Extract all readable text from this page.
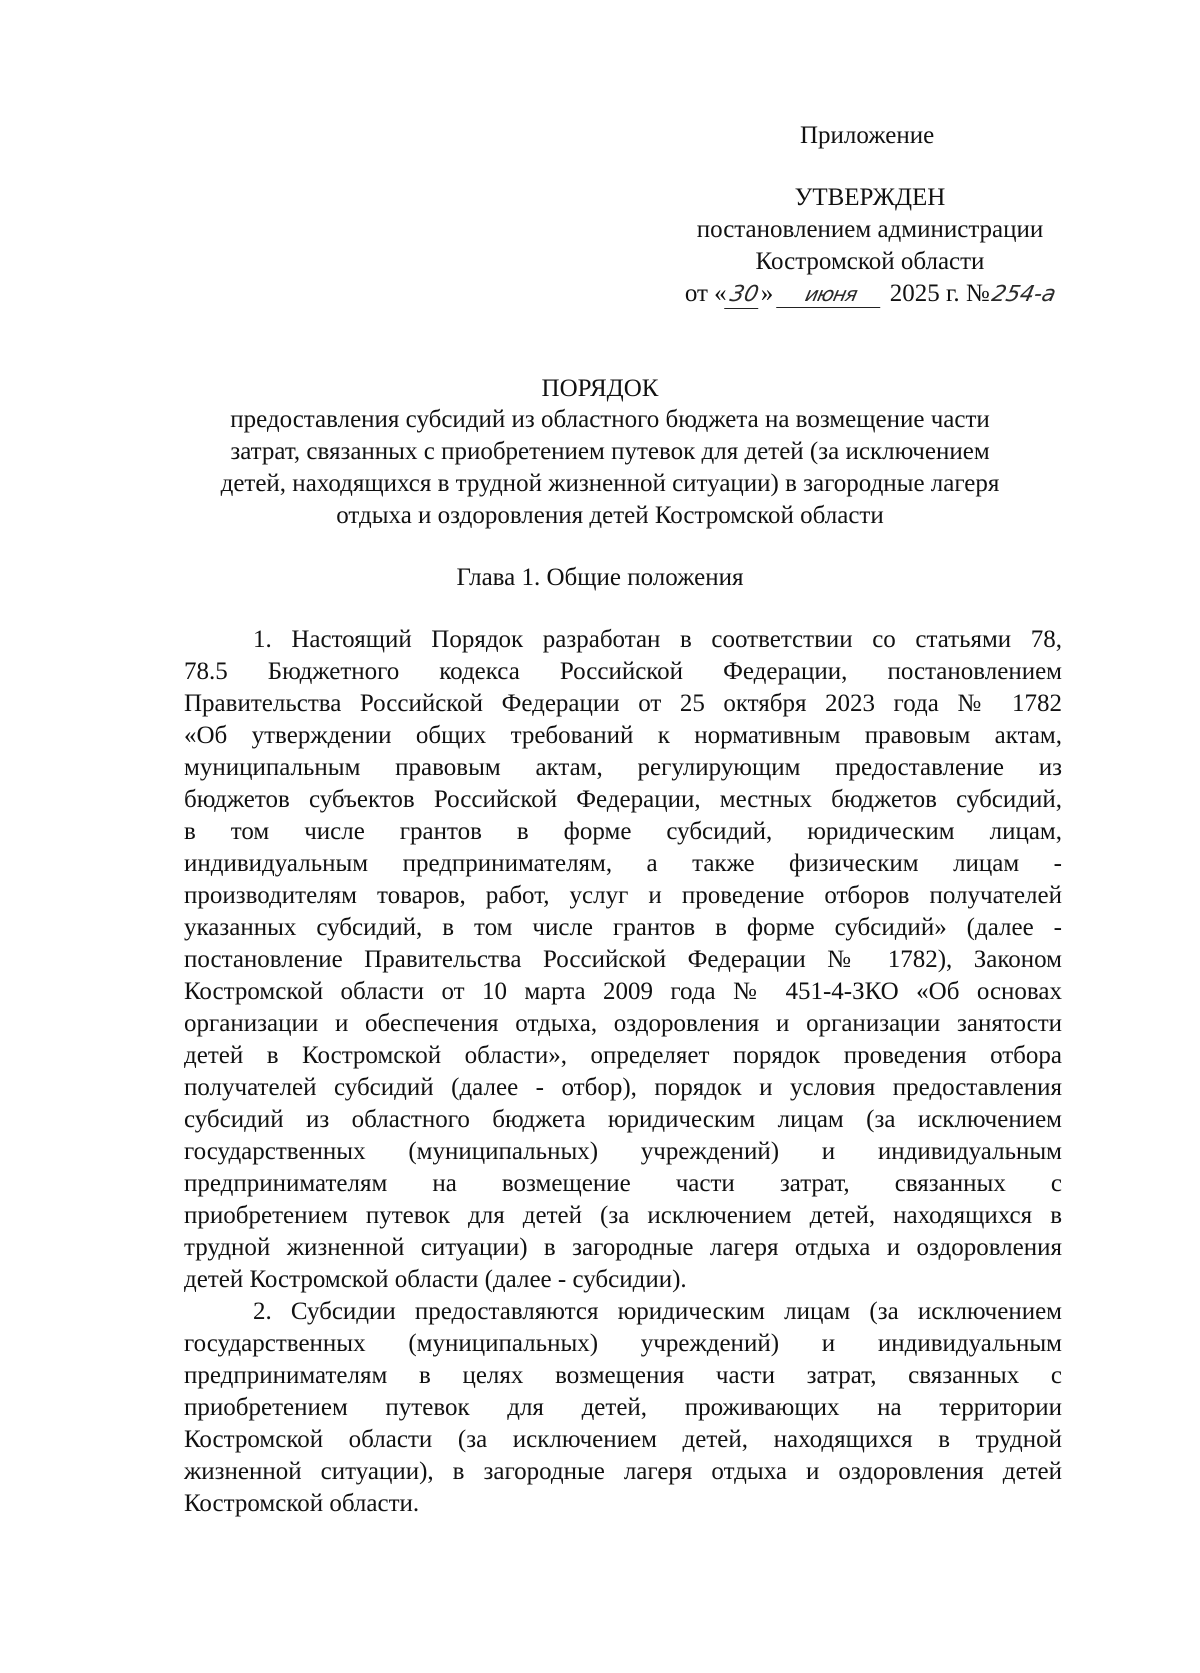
Приложение
УТВЕРЖДЕН
постановлением администрации
Костромской области
от «30» июня 2025 г. №254-а
ПОРЯДОК
предоставления субсидий из областного бюджета на возмещение части
затрат, связанных с приобретением путевок для детей (за исключением
детей, находящихся в трудной жизненной ситуации) в загородные лагеря
отдыха и оздоровления детей Костромской области
Глава 1. Общие положения
1. Настоящий Порядок разработан в соответствии со статьями 78,
78.5 Бюджетного кодекса Российской Федерации, постановлением
Правительства Российской Федерации от 25 октября 2023 года № 1782
«Об утверждении общих требований к нормативным правовым актам,
муниципальным правовым актам, регулирующим предоставление из
бюджетов субъектов Российской Федерации, местных бюджетов субсидий,
в том числе грантов в форме субсидий, юридическим лицам,
индивидуальным предпринимателям, а также физическим лицам -
производителям товаров, работ, услуг и проведение отборов получателей
указанных субсидий, в том числе грантов в форме субсидий» (далее -
постановление Правительства Российской Федерации № 1782), Законом
Костромской области от 10 марта 2009 года № 451-4-ЗКО «Об основах
организации и обеспечения отдыха, оздоровления и организации занятости
детей в Костромской области», определяет порядок проведения отбора
получателей субсидий (далее - отбор), порядок и условия предоставления
субсидий из областного бюджета юридическим лицам (за исключением
государственных (муниципальных) учреждений) и индивидуальным
предпринимателям на возмещение части затрат, связанных с
приобретением путевок для детей (за исключением детей, находящихся в
трудной жизненной ситуации) в загородные лагеря отдыха и оздоровления
детей Костромской области (далее - субсидии).
2. Субсидии предоставляются юридическим лицам (за исключением
государственных (муниципальных) учреждений) и индивидуальным
предпринимателям в целях возмещения части затрат, связанных с
приобретением путевок для детей, проживающих на территории
Костромской области (за исключением детей, находящихся в трудной
жизненной ситуации), в загородные лагеря отдыха и оздоровления детей
Костромской области.
